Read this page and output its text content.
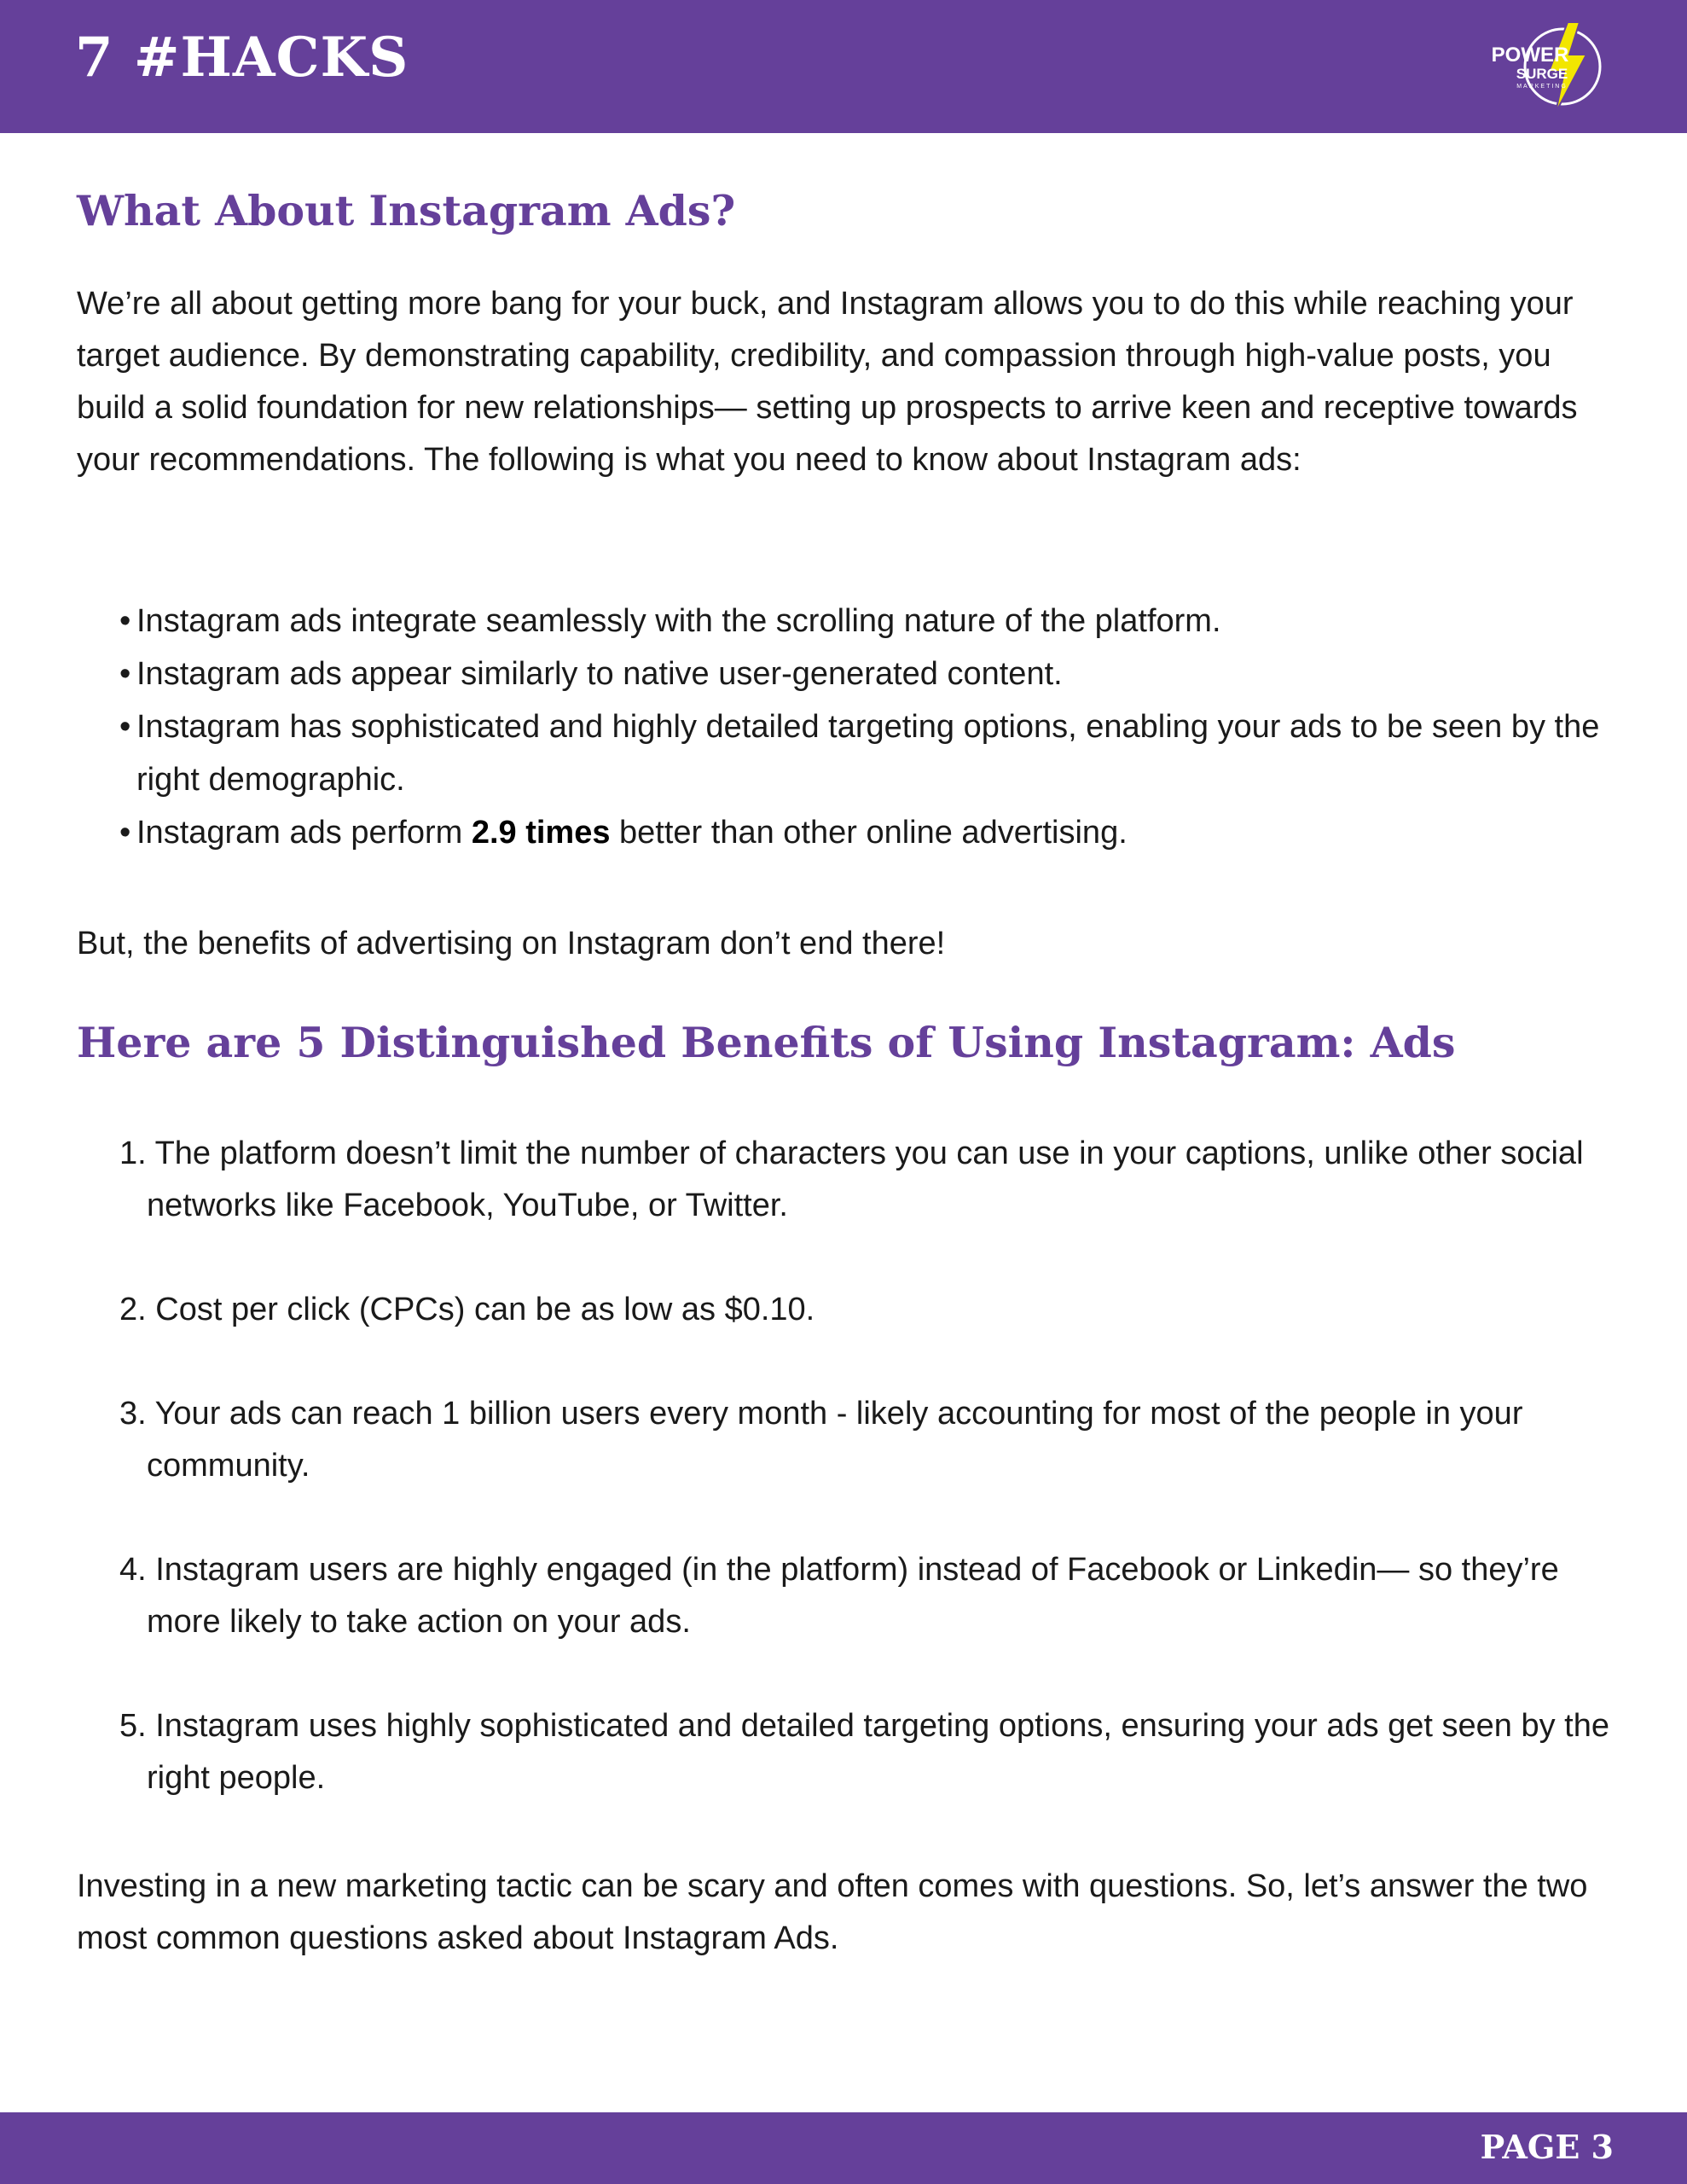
7 #HACKS	POWER
SURGE
MARKETING
What About Instagram Ads?

We’re all about getting more bang for your buck, and Instagram allows you to do this while reaching your target audience. By demonstrating capability, credibility, and compassion through high-value posts, you build a solid foundation for new relationships— setting up prospects to arrive keen and receptive towards your recommendations. The following is what you need to know about Instagram ads:

• Instagram ads integrate seamlessly with the scrolling nature of the platform.
• Instagram ads appear similarly to native user-generated content.
• Instagram has sophisticated and highly detailed targeting options, enabling your ads to be seen by the right demographic.
• Instagram ads perform 2.9 times better than other online advertising.

But, the benefits of advertising on Instagram don’t end there!

Here are 5 Distinguished Benefits of Using Instagram: Ads
1. The platform doesn’t limit the number of characters you can use in your captions, unlike other social networks like Facebook, YouTube, or Twitter.
2. Cost per click (CPCs) can be as low as $0.10.
3. Your ads can reach 1 billion users every month - likely accounting for most of the people in your community.
4. Instagram users are highly engaged (in the platform) instead of Facebook or Linkedin— so they’re more likely to take action on your ads.
5. Instagram uses highly sophisticated and detailed targeting options, ensuring your ads get seen by the right people.

Investing in a new marketing tactic can be scary and often comes with questions. So, let’s answer the two most common questions asked about Instagram Ads.

PAGE 3
